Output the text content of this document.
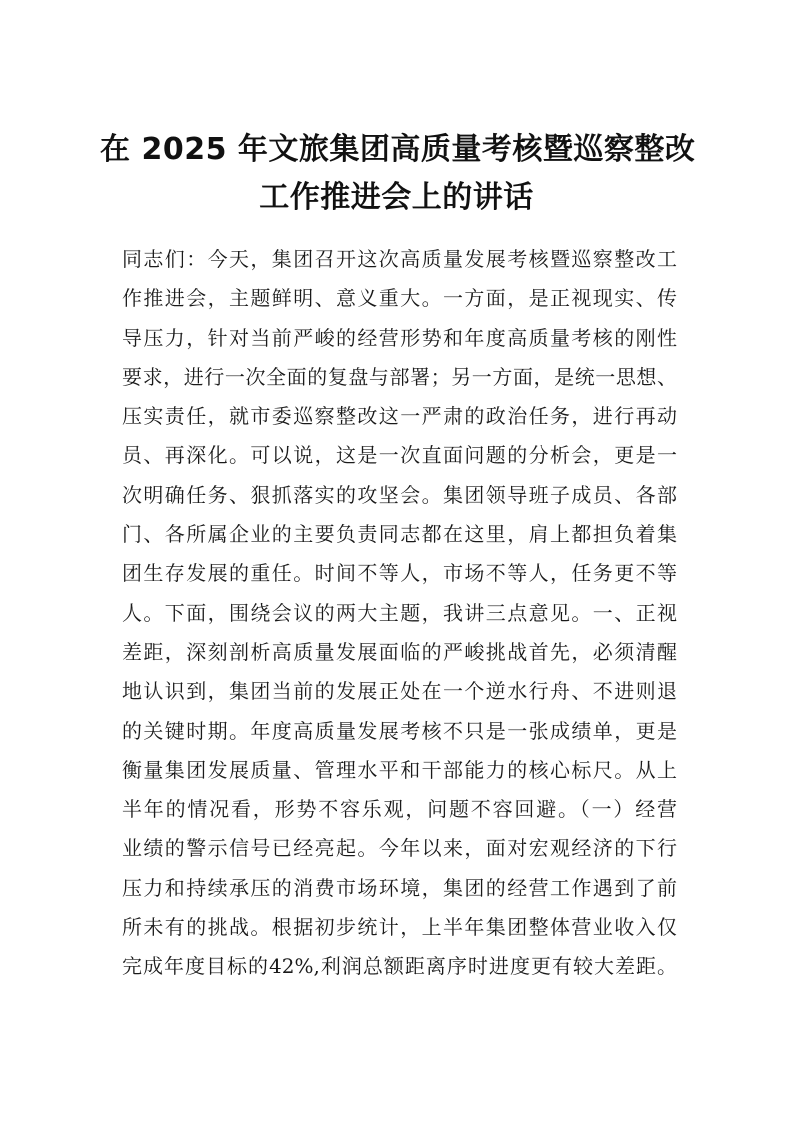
在 2025 年文旅集团高质量考核暨巡察整改
工作推进会上的讲话
同志们：今天，集团召开这次高质量发展考核暨巡察整改工
作推进会，主题鲜明、意义重大。一方面，是正视现实、传
导压力，针对当前严峻的经营形势和年度高质量考核的刚性
要求，进行一次全面的复盘与部署；另一方面，是统一思想、
压实责任，就市委巡察整改这一严肃的政治任务，进行再动
员、再深化。可以说，这是一次直面问题的分析会，更是一
次明确任务、狠抓落实的攻坚会。集团领导班子成员、各部
门、各所属企业的主要负责同志都在这里，肩上都担负着集
团生存发展的重任。时间不等人，市场不等人，任务更不等
人。下面，围绕会议的两大主题，我讲三点意见。一、正视
差距，深刻剖析高质量发展面临的严峻挑战首先，必须清醒
地认识到，集团当前的发展正处在一个逆水行舟、不进则退
的关键时期。年度高质量发展考核不只是一张成绩单，更是
衡量集团发展质量、管理水平和干部能力的核心标尺。从上
半年的情况看，形势不容乐观，问题不容回避。（一）经营
业绩的警示信号已经亮起。今年以来，面对宏观经济的下行
压力和持续承压的消费市场环境，集团的经营工作遇到了前
所未有的挑战。根据初步统计，上半年集团整体营业收入仅
完成年度目标的42%,利润总额距离序时进度更有较大差距。
